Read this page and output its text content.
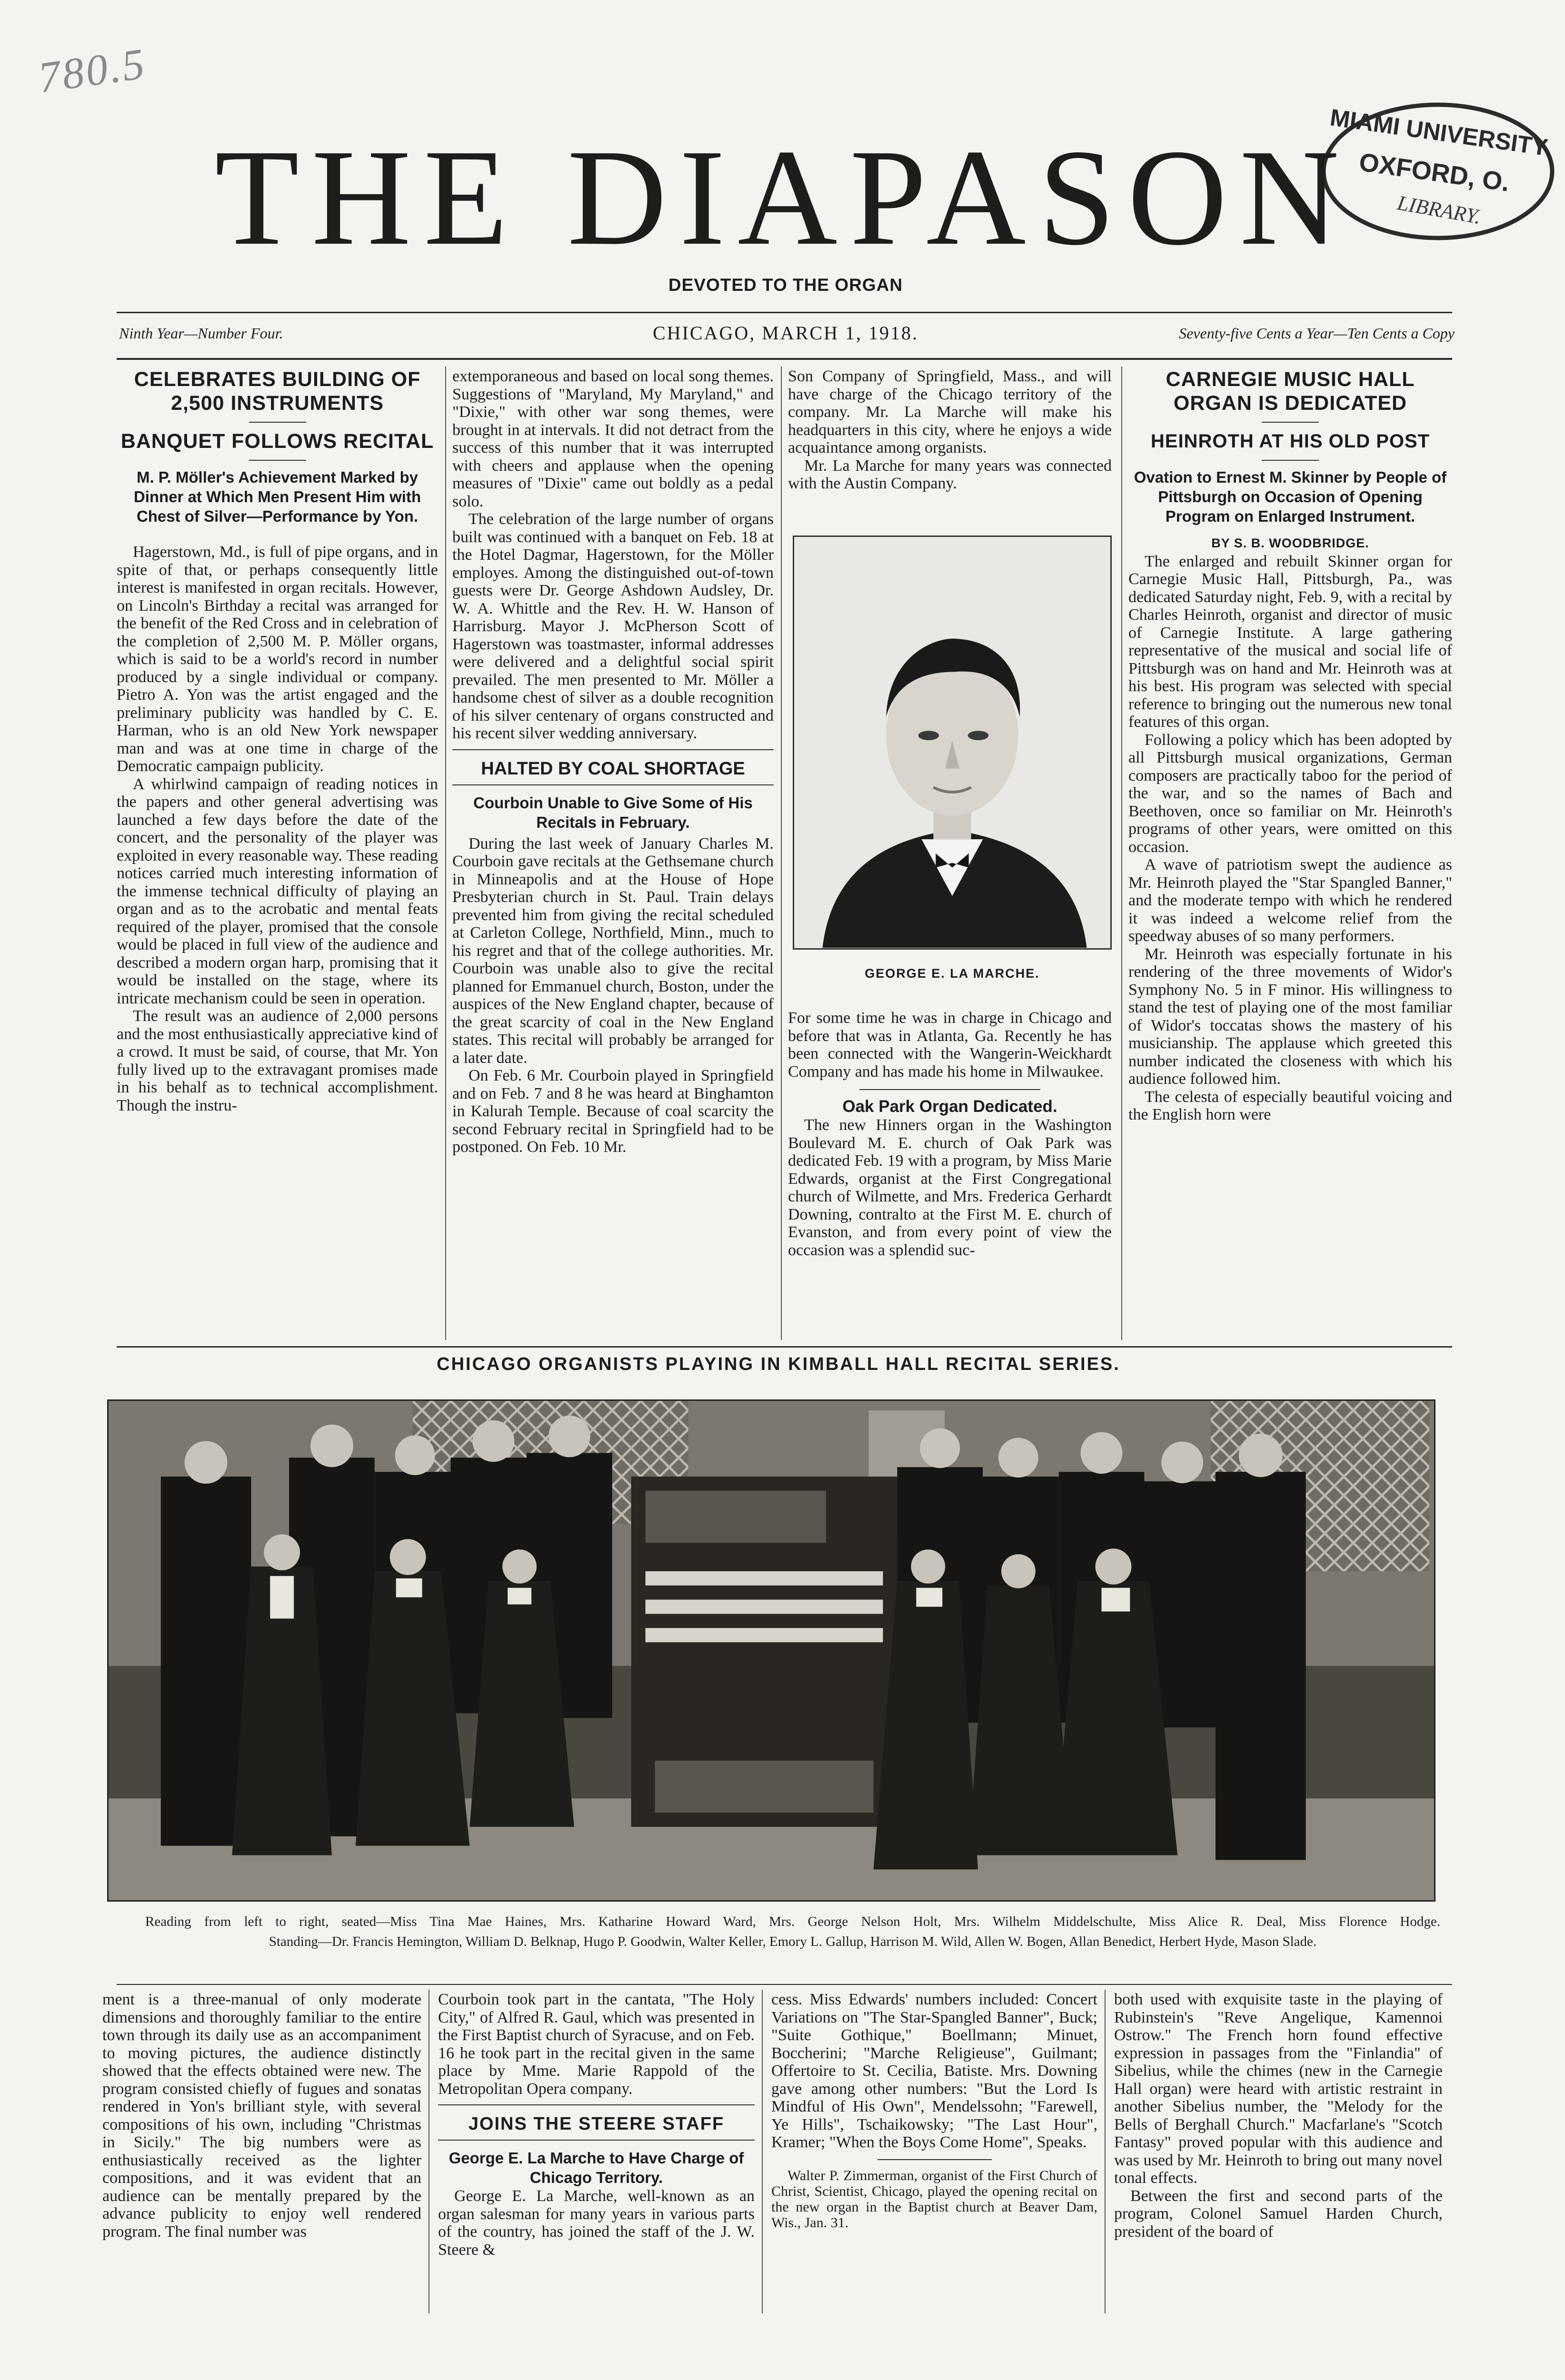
780.5
MIAMI UNIVERSITY
OXFORD, O.
LIBRARY.
THE DIAPASON
DEVOTED TO THE ORGAN
Ninth Year—Number Four.	CHICAGO, MARCH 1, 1918.	Seventy-five Cents a Year—Ten Cents a Copy
CELEBRATES BUILDING OF 2,500 INSTRUMENTS
BANQUET FOLLOWS RECITAL
M. P. Möller's Achievement Marked by Dinner at Which Men Present Him with Chest of Silver—Performance by Yon.

Hagerstown, Md., is full of pipe organs, and in spite of that, or perhaps consequently little interest is manifested in organ recitals. However, on Lincoln's Birthday a recital was arranged for the benefit of the Red Cross and in celebration of the completion of 2,500 M. P. Möller organs, which is said to be a world's record in number produced by a single individual or company. Pietro A. Yon was the artist engaged and the preliminary publicity was handled by C. E. Harman, who is an old New York newspaper man and was at one time in charge of the Democratic campaign publicity.

A whirlwind campaign of reading notices in the papers and other general advertising was launched a few days before the date of the concert, and the personality of the player was exploited in every reasonable way. These reading notices carried much interesting information of the immense technical difficulty of playing an organ and as to the acrobatic and mental feats required of the player, promised that the console would be placed in full view of the audience and described a modern organ harp, promising that it would be installed on the stage, where its intricate mechanism could be seen in operation.

The result was an audience of 2,000 persons and the most enthusiastically appreciative kind of a crowd. It must be said, of course, that Mr. Yon fully lived up to the extravagant promises made in his behalf as to technical accomplishment. Though the instru-

extemporaneous and based on local song themes. Suggestions of "Maryland, My Maryland," and "Dixie," with other war song themes, were brought in at intervals. It did not detract from the success of this number that it was interrupted with cheers and applause when the opening measures of "Dixie" came out boldly as a pedal solo.

The celebration of the large number of organs built was continued with a banquet on Feb. 18 at the Hotel Dagmar, Hagerstown, for the Möller employes. Among the distinguished out-of-town guests were Dr. George Ashdown Audsley, Dr. W. A. Whittle and the Rev. H. W. Hanson of Harrisburg. Mayor J. McPherson Scott of Hagerstown was toastmaster, informal addresses were delivered and a delightful social spirit prevailed. The men presented to Mr. Möller a handsome chest of silver as a double recognition of his silver centenary of organs constructed and his recent silver wedding anniversary.

HALTED BY COAL SHORTAGE
Courboin Unable to Give Some of His Recitals in February.

During the last week of January Charles M. Courboin gave recitals at the Gethsemane church in Minneapolis and at the House of Hope Presbyterian church in St. Paul. Train delays prevented him from giving the recital scheduled at Carleton College, Northfield, Minn., much to his regret and that of the college authorities. Mr. Courboin was unable also to give the recital planned for Emmanuel church, Boston, under the auspices of the New England chapter, because of the great scarcity of coal in the New England states. This recital will probably be arranged for a later date.

On Feb. 6 Mr. Courboin played in Springfield and on Feb. 7 and 8 he was heard at Binghamton in Kalurah Temple. Because of coal scarcity the second February recital in Springfield had to be postponed. On Feb. 10 Mr.

Son Company of Springfield, Mass., and will have charge of the Chicago territory of the company. Mr. La Marche will make his headquarters in this city, where he enjoys a wide acquaintance among organists.

Mr. La Marche for many years was connected with the Austin Company.

GEORGE E. LA MARCHE.

For some time he was in charge in Chicago and before that was in Atlanta, Ga. Recently he has been connected with the Wangerin-Weickhardt Company and has made his home in Milwaukee.

Oak Park Organ Dedicated.

The new Hinners organ in the Washington Boulevard M. E. church of Oak Park was dedicated Feb. 19 with a program, by Miss Marie Edwards, organist at the First Congregational church of Wilmette, and Mrs. Frederica Gerhardt Downing, contralto at the First M. E. church of Evanston, and from every point of view the occasion was a splendid suc-

CARNEGIE MUSIC HALL ORGAN IS DEDICATED
HEINROTH AT HIS OLD POST
Ovation to Ernest M. Skinner by People of Pittsburgh on Occasion of Opening Program on Enlarged Instrument.
BY S. B. WOODBRIDGE.

The enlarged and rebuilt Skinner organ for Carnegie Music Hall, Pittsburgh, Pa., was dedicated Saturday night, Feb. 9, with a recital by Charles Heinroth, organist and director of music of Carnegie Institute. A large gathering representative of the musical and social life of Pittsburgh was on hand and Mr. Heinroth was at his best. His program was selected with special reference to bringing out the numerous new tonal features of this organ.

Following a policy which has been adopted by all Pittsburgh musical organizations, German composers are practically taboo for the period of the war, and so the names of Bach and Beethoven, once so familiar on Mr. Heinroth's programs of other years, were omitted on this occasion.

A wave of patriotism swept the audience as Mr. Heinroth played the "Star Spangled Banner," and the moderate tempo with which he rendered it was indeed a welcome relief from the speedway abuses of so many performers.

Mr. Heinroth was especially fortunate in his rendering of the three movements of Widor's Symphony No. 5 in F minor. His willingness to stand the test of playing one of the most familiar of Widor's toccatas shows the mastery of his musicianship. The applause which greeted this number indicated the closeness with which his audience followed him.

The celesta of especially beautiful voicing and the English horn were

CHICAGO ORGANISTS PLAYING IN KIMBALL HALL RECITAL SERIES.
Reading from left to right, seated—Miss Tina Mae Haines, Mrs. Katharine Howard Ward, Mrs. George Nelson Holt, Mrs. Wilhelm Middelschulte, Miss Alice R. Deal, Miss Florence Hodge.
Standing—Dr. Francis Hemington, William D. Belknap, Hugo P. Goodwin, Walter Keller, Emory L. Gallup, Harrison M. Wild, Allen W. Bogen, Allan Benedict, Herbert Hyde, Mason Slade.

ment is a three-manual of only moderate dimensions and thoroughly familiar to the entire town through its daily use as an accompaniment to moving pictures, the audience distinctly showed that the effects obtained were new. The program consisted chiefly of fugues and sonatas rendered in Yon's brilliant style, with several compositions of his own, including "Christmas in Sicily." The big numbers were as enthusiastically received as the lighter compositions, and it was evident that an audience can be mentally prepared by the advance publicity to enjoy well rendered program. The final number was

Courboin took part in the cantata, "The Holy City," of Alfred R. Gaul, which was presented in the First Baptist church of Syracuse, and on Feb. 16 he took part in the recital given in the same place by Mme. Marie Rappold of the Metropolitan Opera company.

JOINS THE STEERE STAFF
George E. La Marche to Have Charge of Chicago Territory.

George E. La Marche, well-known as an organ salesman for many years in various parts of the country, has joined the staff of the J. W. Steere &

cess. Miss Edwards' numbers included: Concert Variations on "The Star-Spangled Banner", Buck; "Suite Gothique," Boellmann; Minuet, Boccherini; "Marche Religieuse", Guilmant; Offertoire to St. Cecilia, Batiste. Mrs. Downing gave among other numbers: "But the Lord Is Mindful of His Own", Mendelssohn; "Farewell, Ye Hills", Tschaikowsky; "The Last Hour", Kramer; "When the Boys Come Home", Speaks.

Walter P. Zimmerman, organist of the First Church of Christ, Scientist, Chicago, played the opening recital on the new organ in the Baptist church at Beaver Dam, Wis., Jan. 31.

both used with exquisite taste in the playing of Rubinstein's "Reve Angelique, Kamennoi Ostrow." The French horn found effective expression in passages from the "Finlandia" of Sibelius, while the chimes (new in the Carnegie Hall organ) were heard with artistic restraint in another Sibelius number, the "Melody for the Bells of Berghall Church." Macfarlane's "Scotch Fantasy" proved popular with this audience and was used by Mr. Heinroth to bring out many novel tonal effects.

Between the first and second parts of the program, Colonel Samuel Harden Church, president of the board of
